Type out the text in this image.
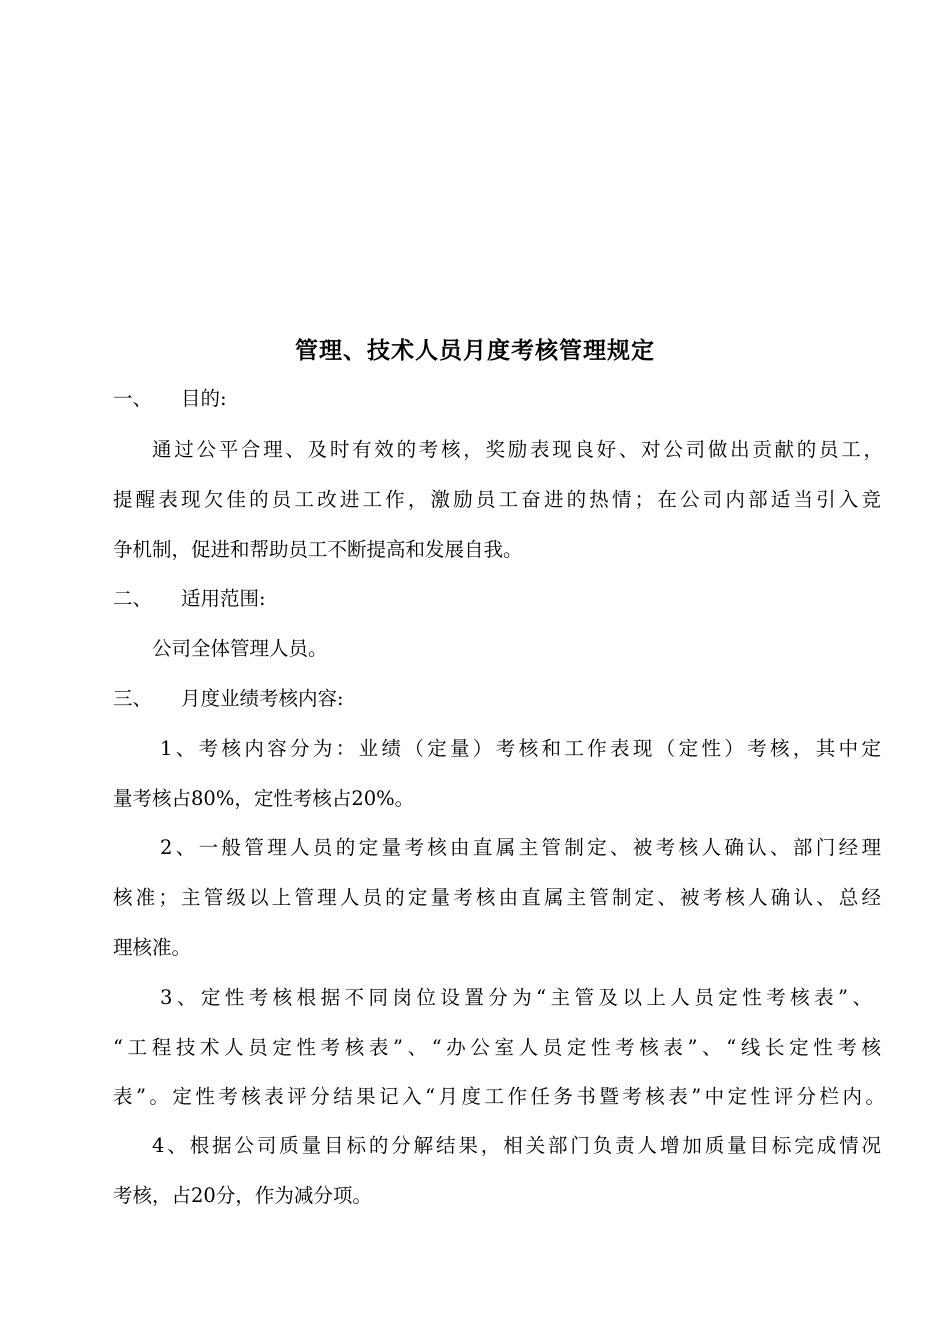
管理、技术人员月度考核管理规定
一、 目的:
通过公平合理、及时有效的考核，奖励表现良好、对公司做出贡献的员工，
提醒表现欠佳的员工改进工作，激励员工奋进的热情；在公司内部适当引入竞
争机制，促进和帮助员工不断提高和发展自我。
二、 适用范围:
公司全体管理人员。
三、 月度业绩考核内容:
1、考核内容分为：业绩（定量）考核和工作表现（定性）考核，其中定
量考核占80%，定性考核占20%。
2、一般管理人员的定量考核由直属主管制定、被考核人确认、部门经理
核准；主管级以上管理人员的定量考核由直属主管制定、被考核人确认、总经
理核准。
3、定性考核根据不同岗位设置分为“主管及以上人员定性考核表”、
“工程技术人员定性考核表”、“办公室人员定性考核表”、“线长定性考核
表”。定性考核表评分结果记入“月度工作任务书暨考核表”中定性评分栏内。
4、根据公司质量目标的分解结果，相关部门负责人增加质量目标完成情况
考核，占20分，作为减分项。
